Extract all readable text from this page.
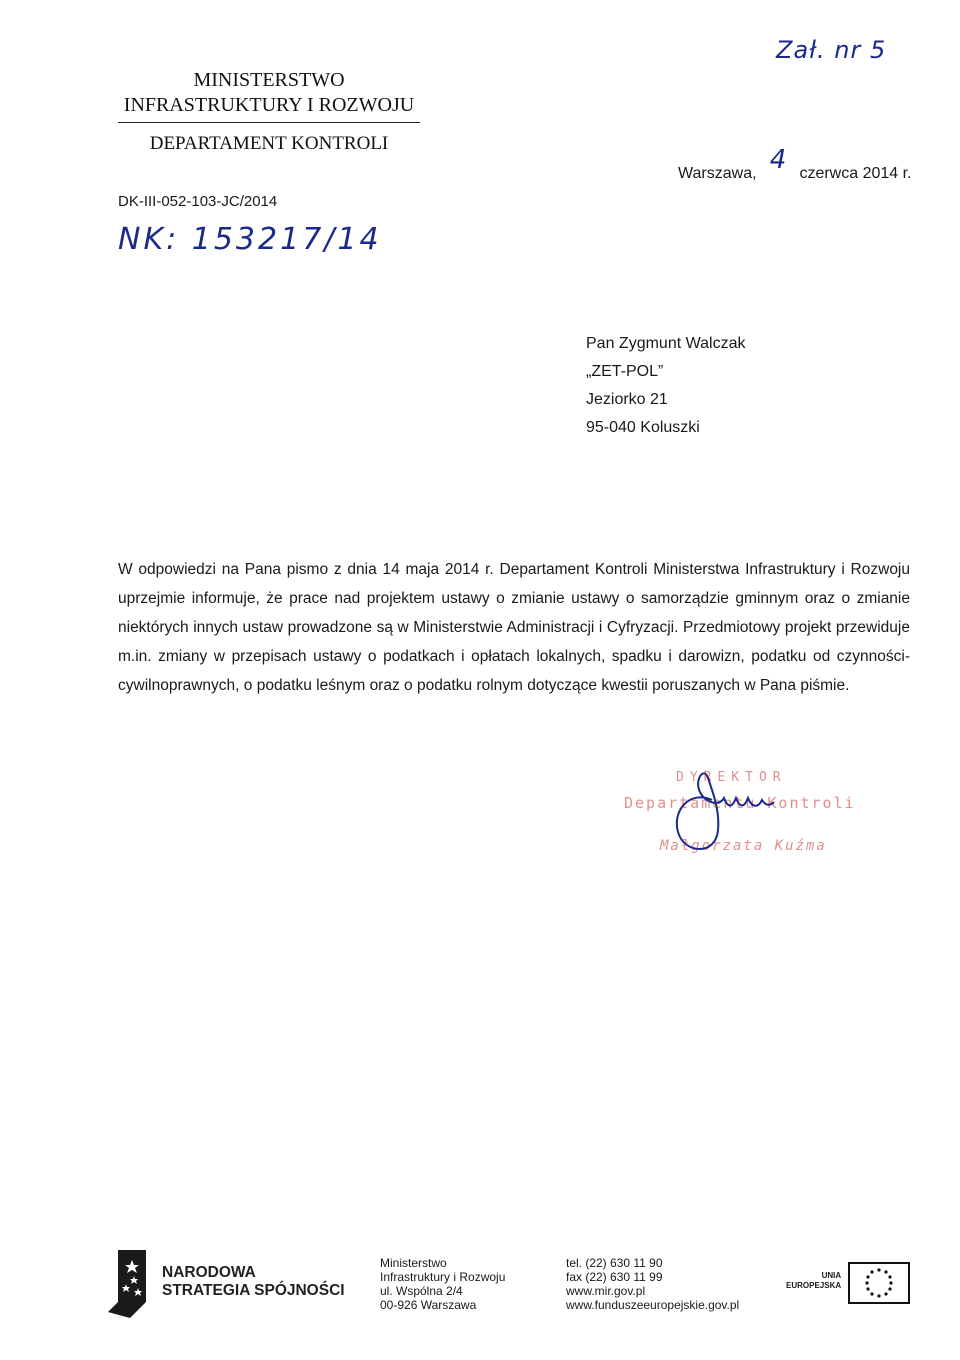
Zał. nr 5
MINISTERSTWO
INFRASTRUKTURY I ROZWOJU
DEPARTAMENT KONTROLI
Warszawa, 4 czerwca 2014 r.
DK-III-052-103-JC/2014
NK: 153217/14
Pan Zygmunt Walczak
„ZET-POL”
Jeziorko 21
95-040 Koluszki
W odpowiedzi na Pana pismo z dnia 14 maja 2014 r. Departament Kontroli Ministerstwa Infrastruktury i Rozwoju uprzejmie informuje, że prace nad projektem ustawy o zmianie ustawy o samorządzie gminnym oraz o zmianie niektórych innych ustaw prowadzone są w Ministerstwie Administracji i Cyfryzacji. Przedmiotowy projekt przewiduje m.in. zmiany w przepisach ustawy o podatkach i opłatach lokalnych, spadku i darowizn, podatku od czynności-cywilnoprawnych, o podatku leśnym oraz o podatku rolnym dotyczące kwestii poruszanych w Pana piśmie.
DYREKTOR
Departamentu Kontroli
Małgorzata Kuźma
NARODOWA
STRATEGIA SPÓJNOŚCI
Ministerstwo
Infrastruktury i Rozwoju
ul. Wspólna 2/4
00-926 Warszawa
tel. (22) 630 11 90
fax (22) 630 11 99
www.mir.gov.pl
www.funduszeeuropejskie.gov.pl
UNIA
EUROPEJSKA
